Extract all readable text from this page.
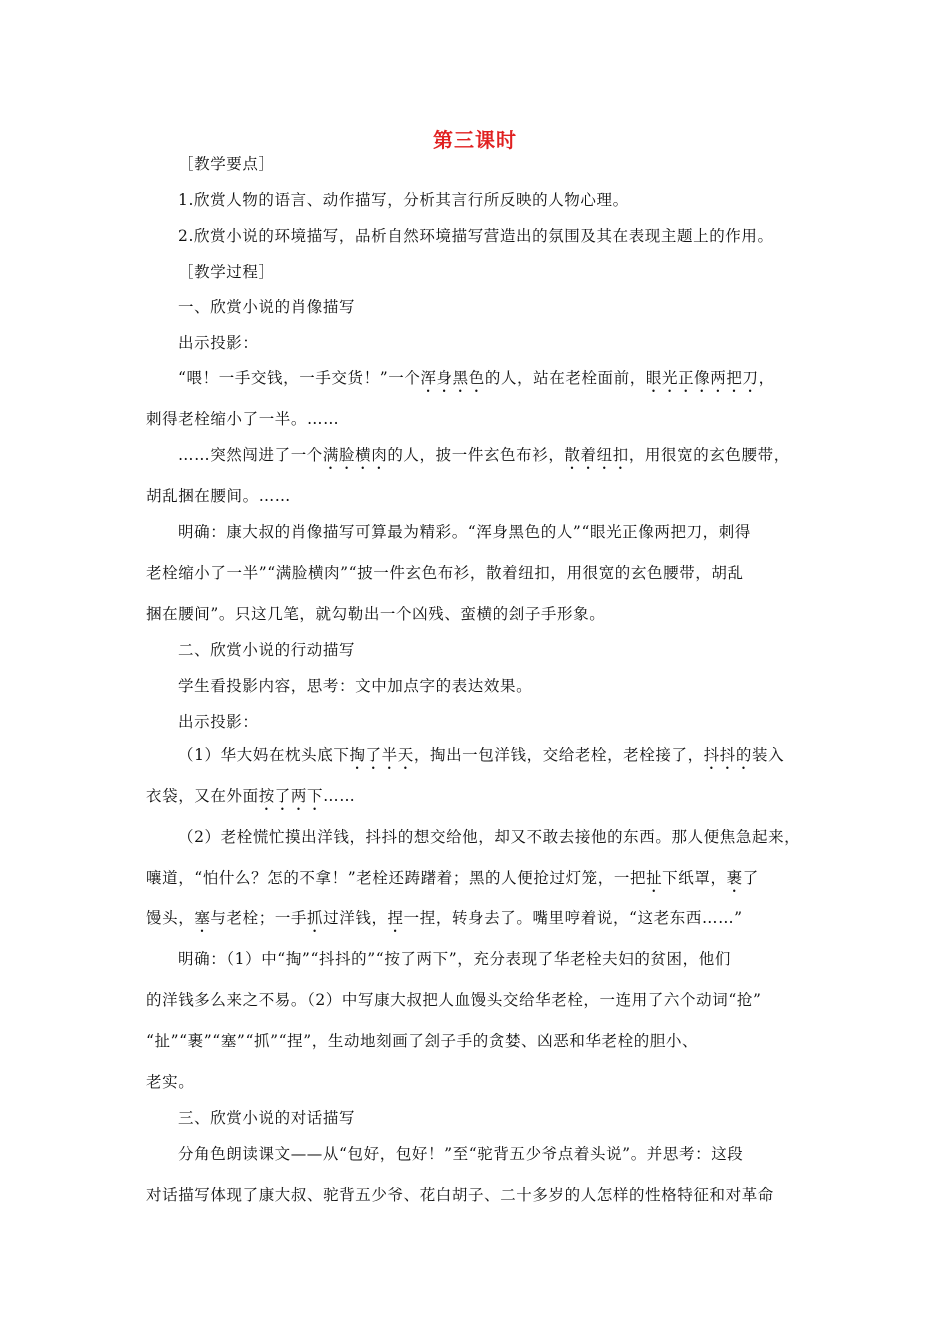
第三课时
［教学要点］
1.欣赏人物的语言、动作描写，分析其言行所反映的人物心理。
2.欣赏小说的环境描写，品析自然环境描写营造出的氛围及其在表现主题上的作用。
［教学过程］
一、欣赏小说的肖像描写
出示投影：
“喂！一手交钱，一手交货！”一个浑身黑色的人，站在老栓面前，眼光正像两把刀，
刺得老栓缩小了一半。……
……突然闯进了一个满脸横肉的人，披一件玄色布衫，散着纽扣，用很宽的玄色腰带，
胡乱捆在腰间。……
明确：康大叔的肖像描写可算最为精彩。“浑身黑色的人”“眼光正像两把刀，刺得
老栓缩小了一半”“满脸横肉”“披一件玄色布衫，散着纽扣，用很宽的玄色腰带，胡乱
捆在腰间”。只这几笔，就勾勒出一个凶残、蛮横的刽子手形象。
二、欣赏小说的行动描写
学生看投影内容，思考：文中加点字的表达效果。
出示投影：
（1）华大妈在枕头底下掏了半天，掏出一包洋钱，交给老栓，老栓接了，抖抖的装入
衣袋，又在外面按了两下……
（2）老栓慌忙摸出洋钱，抖抖的想交给他，却又不敢去接他的东西。那人便焦急起来，
嚷道，“怕什么？怎的不拿！”老栓还踌躇着；黑的人便抢过灯笼，一把扯下纸罩，裹了
馒头，塞与老栓；一手抓过洋钱，捏一捏，转身去了。嘴里哼着说，“这老东西……”
明确：（1）中“掏”“抖抖的”“按了两下”，充分表现了华老栓夫妇的贫困，他们
的洋钱多么来之不易。（2）中写康大叔把人血馒头交给华老栓，一连用了六个动词“抢”
“扯”“裹”“塞”“抓”“捏”，生动地刻画了刽子手的贪婪、凶恶和华老栓的胆小、
老实。
三、欣赏小说的对话描写
分角色朗读课文——从“包好，包好！”至“驼背五少爷点着头说”。并思考：这段
对话描写体现了康大叔、驼背五少爷、花白胡子、二十多岁的人怎样的性格特征和对革命
